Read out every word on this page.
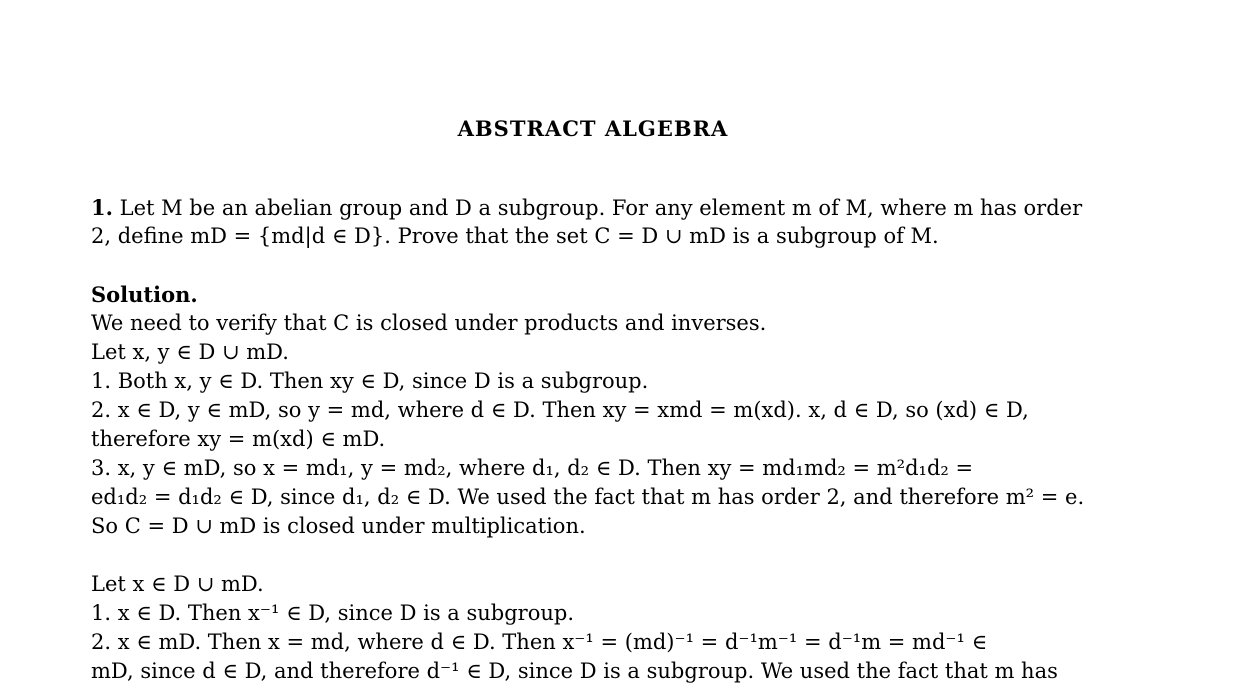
ABSTRACT ALGEBRA
1. Let M be an abelian group and D a subgroup. For any element m of M, where m has order
2, define mD = {md|d ∈ D}. Prove that the set C = D ∪ mD is a subgroup of M.
Solution.
We need to verify that C is closed under products and inverses.
Let x, y ∈ D ∪ mD.
1. Both x, y ∈ D. Then xy ∈ D, since D is a subgroup.
2. x ∈ D, y ∈ mD, so y = md, where d ∈ D. Then xy = xmd = m(xd). x, d ∈ D, so (xd) ∈ D,
therefore xy = m(xd) ∈ mD.
3. x, y ∈ mD, so x = md₁, y = md₂, where d₁, d₂ ∈ D. Then xy = md₁md₂ = m²d₁d₂ =
ed₁d₂ = d₁d₂ ∈ D, since d₁, d₂ ∈ D. We used the fact that m has order 2, and therefore m² = e.
So C = D ∪ mD is closed under multiplication.
Let x ∈ D ∪ mD.
1. x ∈ D. Then x⁻¹ ∈ D, since D is a subgroup.
2. x ∈ mD. Then x = md, where d ∈ D. Then x⁻¹ = (md)⁻¹ = d⁻¹m⁻¹ = d⁻¹m = md⁻¹ ∈
mD, since d ∈ D, and therefore d⁻¹ ∈ D, since D is a subgroup. We used the fact that m has
